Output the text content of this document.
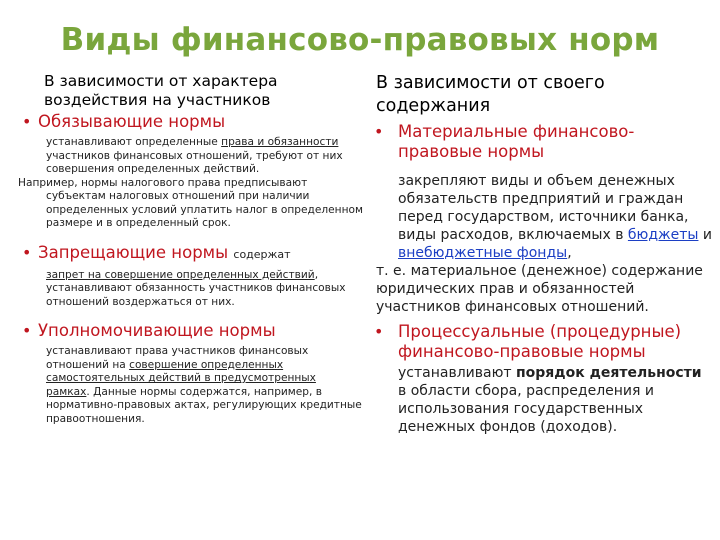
Виды финансово-правовых норм
В зависимости от характера воздействия на участников
• Обязывающие нормы
устанавливают определенные права и обязанности участников финансовых отношений, требуют от них совершения определенных действий.
Например, нормы налогового права предписывают
субъектам налоговых отношений при наличии определенных условий уплатить налог в определенном размере и в определенный срок.
• Запрещающие нормы содержат
запрет на совершение определенных действий, устанавливают обязанность участников финансовых отношений воздержаться от них.
• Уполномочивающие нормы
устанавливают права участников финансовых отношений на совершение определенных самостоятельных действий в предусмотренных рамках. Данные нормы содержатся, например, в нормативно-правовых актах, регулирующих кредитные правоотношения.
В зависимости от своего содержания
• Материальные финансово-правовые нормы
закрепляют виды и объем денежных обязательств предприятий и граждан перед государством, источники банка, виды расходов, включаемых в бюджеты и внебюджетные фонды,
т. е. материальное (денежное) содержание юридических прав и обязанностей участников финансовых отношений.
• Процессуальные (процедурные) финансово-правовые нормы
устанавливают порядок деятельности в области сбора, распределения и использования государственных денежных фондов (доходов).
